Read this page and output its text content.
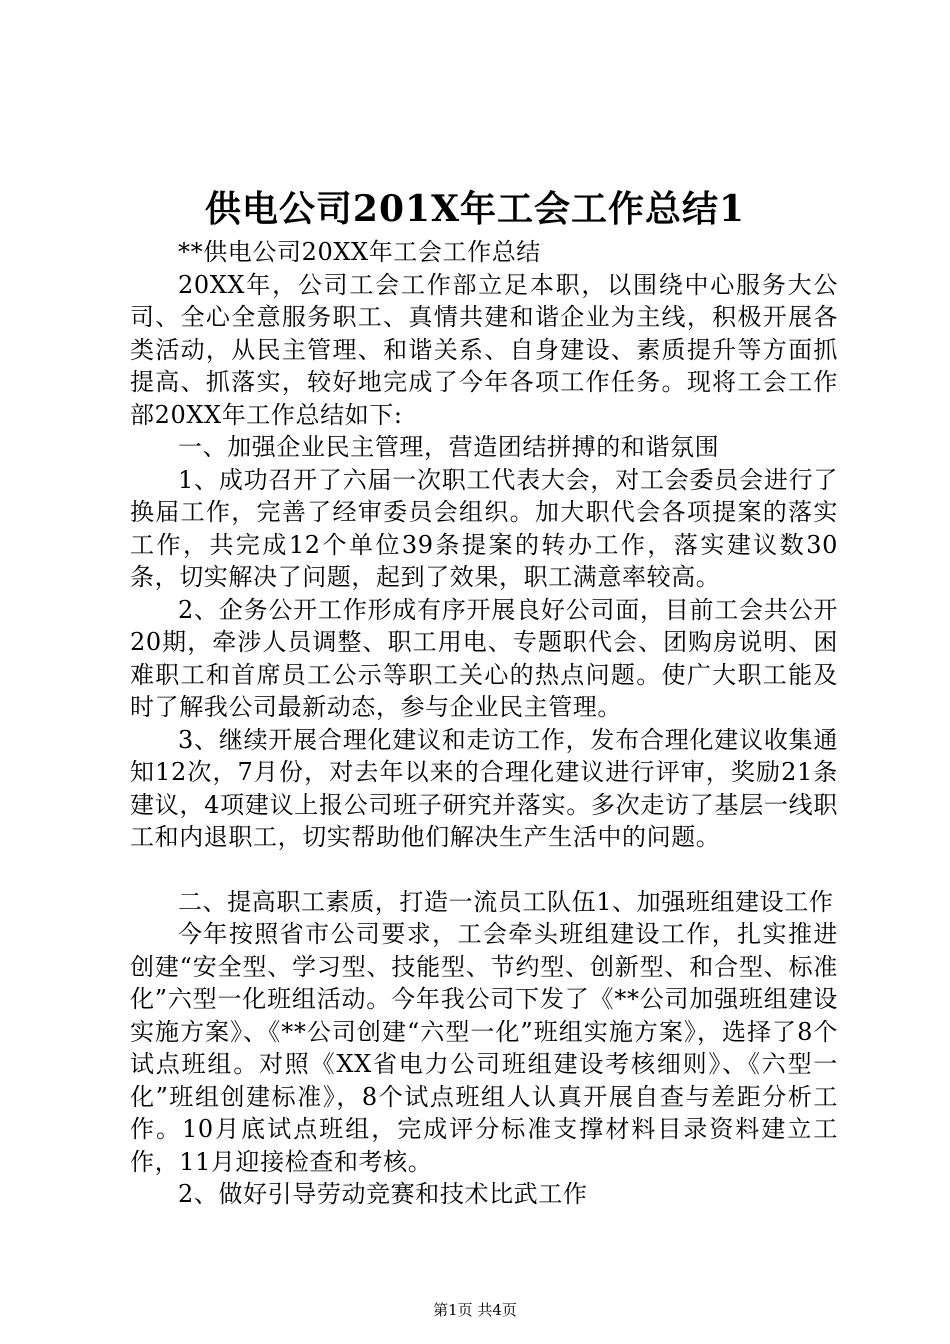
供电公司201X年工会工作总结1

**供电公司20XX年工会工作总结

20XX年，公司工会工作部立足本职，以围绕中心服务大公司、全心全意服务职工、真情共建和谐企业为主线，积极开展各类活动，从民主管理、和谐关系、自身建设、素质提升等方面抓提高、抓落实，较好地完成了今年各项工作任务。现将工会工作部20XX年工作总结如下:

一、加强企业民主管理，营造团结拼搏的和谐氛围

1、成功召开了六届一次职工代表大会，对工会委员会进行了换届工作，完善了经审委员会组织。加大职代会各项提案的落实工作，共完成12个单位39条提案的转办工作，落实建议数30条，切实解决了问题，起到了效果，职工满意率较高。

2、企务公开工作形成有序开展良好公司面，目前工会共公开20期，牵涉人员调整、职工用电、专题职代会、团购房说明、困难职工和首席员工公示等职工关心的热点问题。使广大职工能及时了解我公司最新动态，参与企业民主管理。

3、继续开展合理化建议和走访工作，发布合理化建议收集通知12次，7月份，对去年以来的合理化建议进行评审，奖励21条建议，4项建议上报公司班子研究并落实。多次走访了基层一线职工和内退职工，切实帮助他们解决生产生活中的问题。

二、提高职工素质，打造一流员工队伍1、加强班组建设工作

今年按照省市公司要求，工会牵头班组建设工作，扎实推进创建“安全型、学习型、技能型、节约型、创新型、和合型、标准化”六型一化班组活动。今年我公司下发了《**公司加强班组建设实施方案》、《**公司创建“六型一化”班组实施方案》，选择了8个试点班组。对照《XX省电力公司班组建设考核细则》、《六型一化”班组创建标准》，8个试点班组人认真开展自查与差距分析工作。10月底试点班组，完成评分标准支撑材料目录资料建立工作，11月迎接检查和考核。

2、做好引导劳动竞赛和技术比武工作

第1页 共4页
